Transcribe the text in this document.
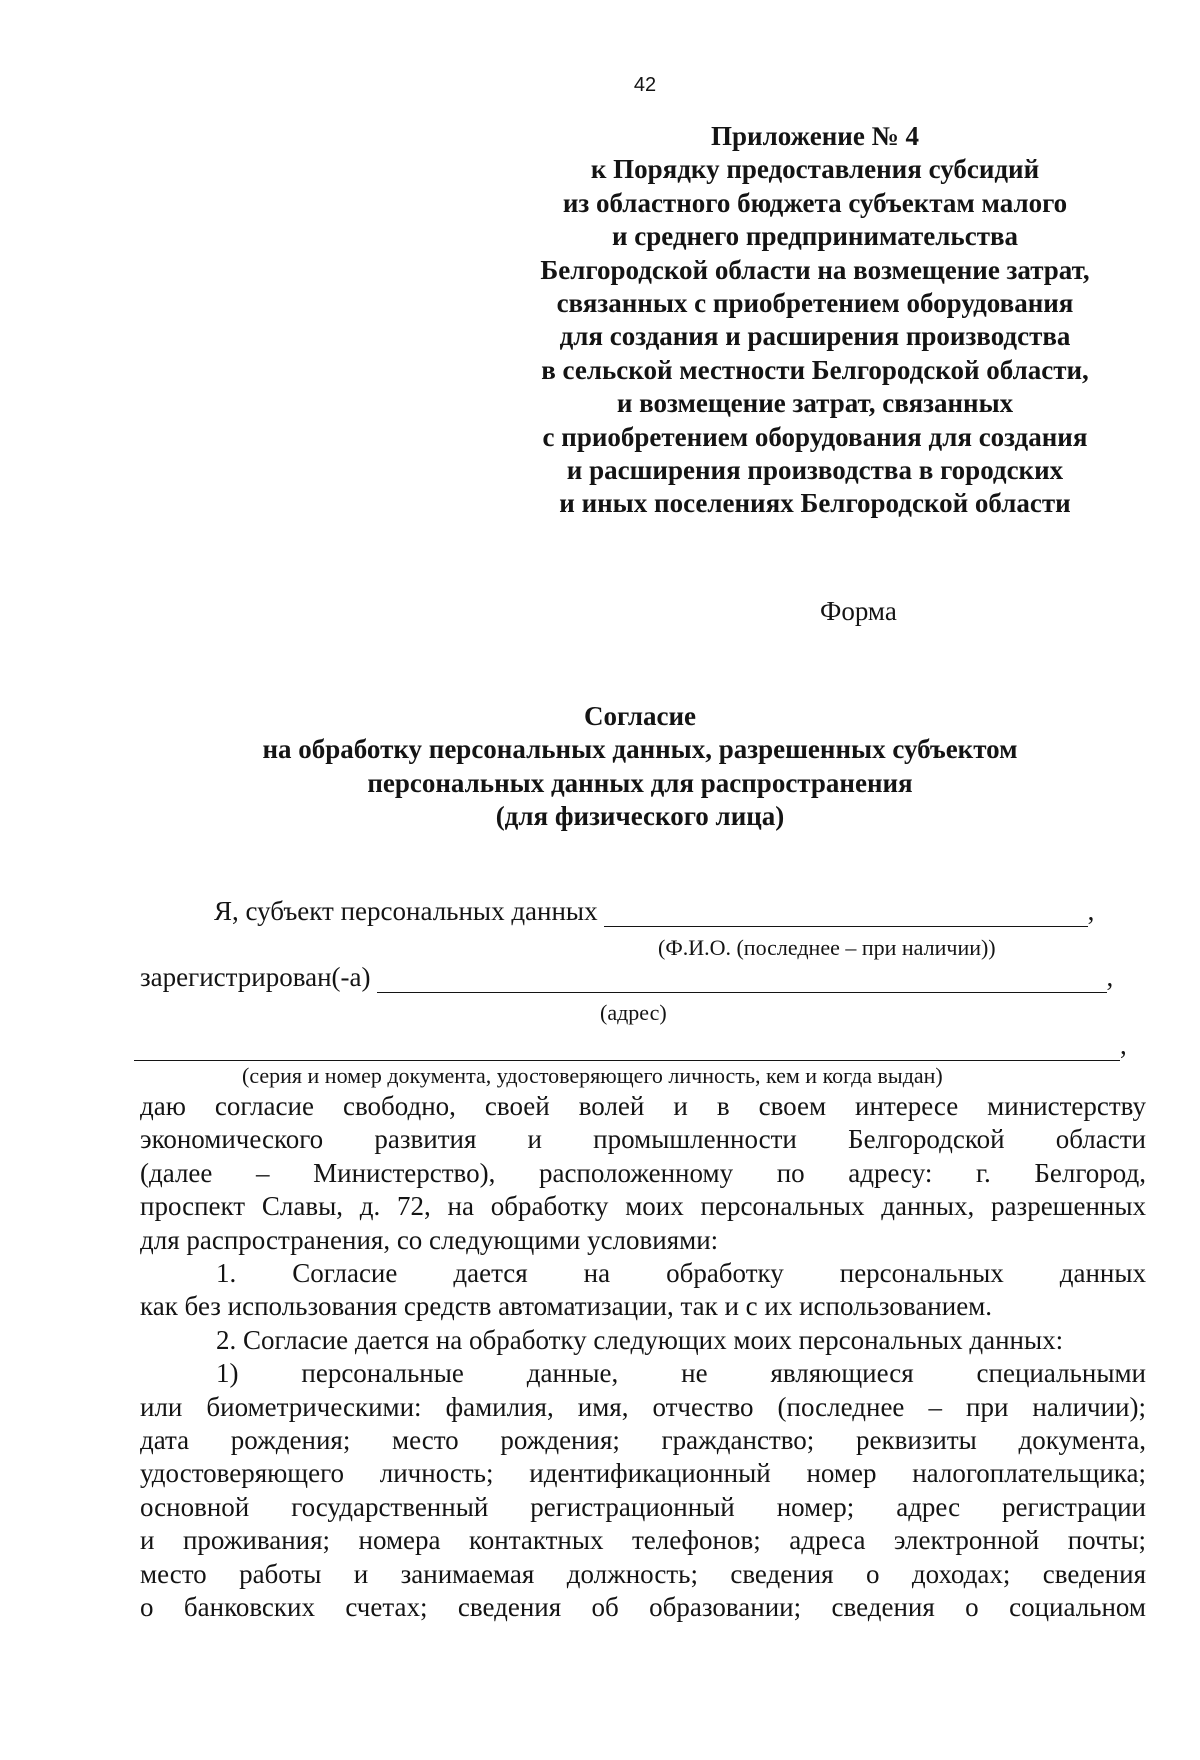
42
Приложение № 4
к Порядку предоставления субсидий
из областного бюджета субъектам малого
и среднего предпринимательства
Белгородской области на возмещение затрат,
связанных с приобретением оборудования
для создания и расширения производства
в сельской местности Белгородской области,
и возмещение затрат, связанных
с приобретением оборудования для создания
и расширения производства в городских
и иных поселениях Белгородской области
Форма
Согласие
на обработку персональных данных, разрешенных субъектом
персональных данных для распространения
(для физического лица)
Я, субъект персональных данных	,
(Ф.И.О. (последнее – при наличии))
зарегистрирован(-а)	,
(адрес)
,
(серия и номер документа, удостоверяющего личность, кем и когда выдан)
даю согласие свободно, своей волей и в своем интересе министерству
экономического развития и промышленности Белгородской области
(далее – Министерство), расположенному по адресу: г. Белгород,
проспект Славы, д. 72, на обработку моих персональных данных, разрешенных
для распространения, со следующими условиями:
1. Согласие дается на обработку персональных данных
как без использования средств автоматизации, так и с их использованием.
2. Согласие дается на обработку следующих моих персональных данных:
1) персональные данные, не являющиеся специальными
или биометрическими: фамилия, имя, отчество (последнее – при наличии);
дата рождения; место рождения; гражданство; реквизиты документа,
удостоверяющего личность; идентификационный номер налогоплательщика;
основной государственный регистрационный номер; адрес регистрации
и проживания; номера контактных телефонов; адреса электронной почты;
место работы и занимаемая должность; сведения о доходах; сведения
о банковских счетах; сведения об образовании; сведения о социальном
